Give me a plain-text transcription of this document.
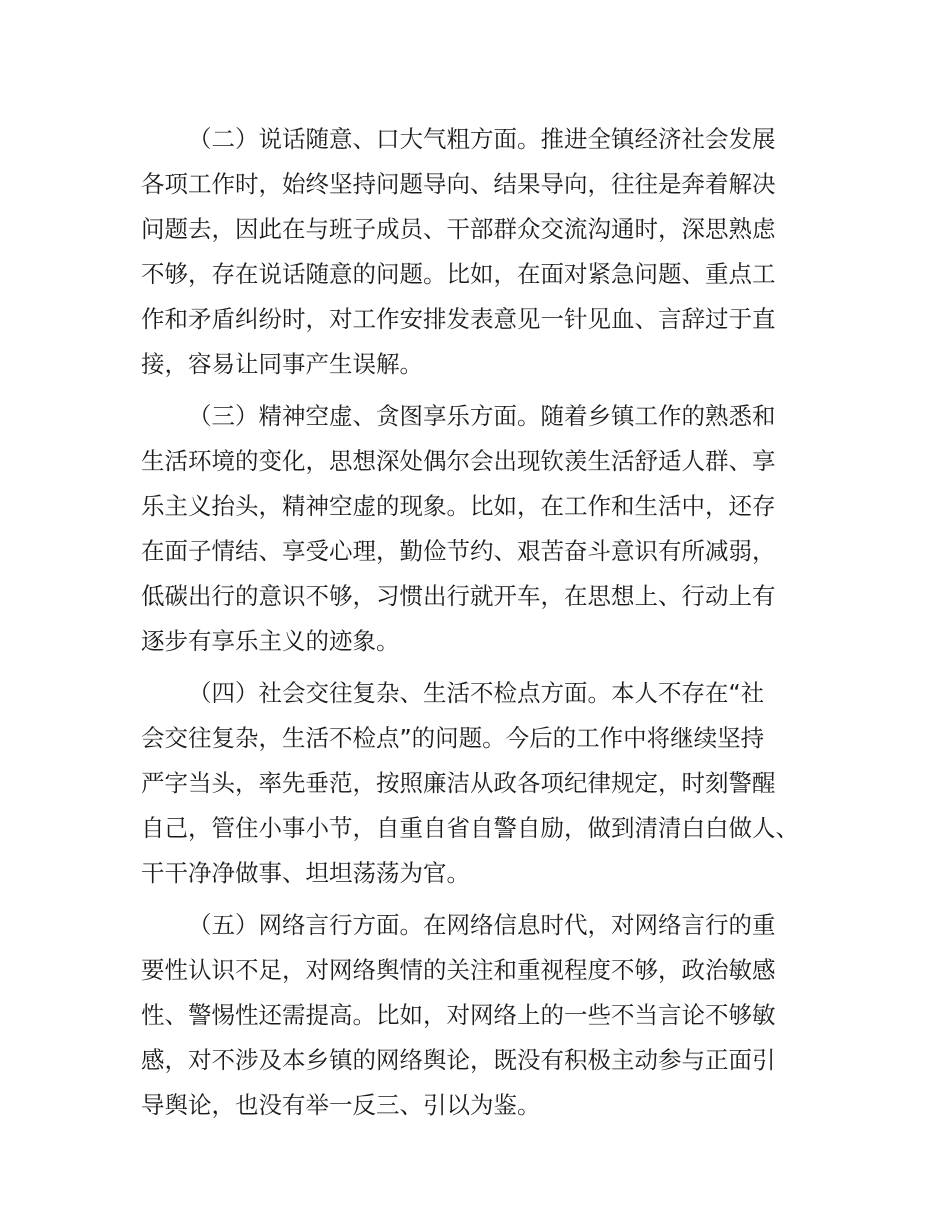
（二）说话随意、口大气粗方面。推进全镇经济社会发展
各项工作时，始终坚持问题导向、结果导向，往往是奔着解决
问题去，因此在与班子成员、干部群众交流沟通时，深思熟虑
不够，存在说话随意的问题。比如，在面对紧急问题、重点工
作和矛盾纠纷时，对工作安排发表意见一针见血、言辞过于直
接，容易让同事产生误解。

（三）精神空虚、贪图享乐方面。随着乡镇工作的熟悉和
生活环境的变化，思想深处偶尔会出现钦羡生活舒适人群、享
乐主义抬头，精神空虚的现象。比如，在工作和生活中，还存
在面子情结、享受心理，勤俭节约、艰苦奋斗意识有所减弱，
低碳出行的意识不够，习惯出行就开车，在思想上、行动上有
逐步有享乐主义的迹象。

（四）社会交往复杂、生活不检点方面。本人不存在“社
会交往复杂，生活不检点”的问题。今后的工作中将继续坚持
严字当头，率先垂范，按照廉洁从政各项纪律规定，时刻警醒
自己，管住小事小节，自重自省自警自励，做到清清白白做人、
干干净净做事、坦坦荡荡为官。

（五）网络言行方面。在网络信息时代，对网络言行的重
要性认识不足，对网络舆情的关注和重视程度不够，政治敏感
性、警惕性还需提高。比如，对网络上的一些不当言论不够敏
感，对不涉及本乡镇的网络舆论，既没有积极主动参与正面引
导舆论，也没有举一反三、引以为鉴。
